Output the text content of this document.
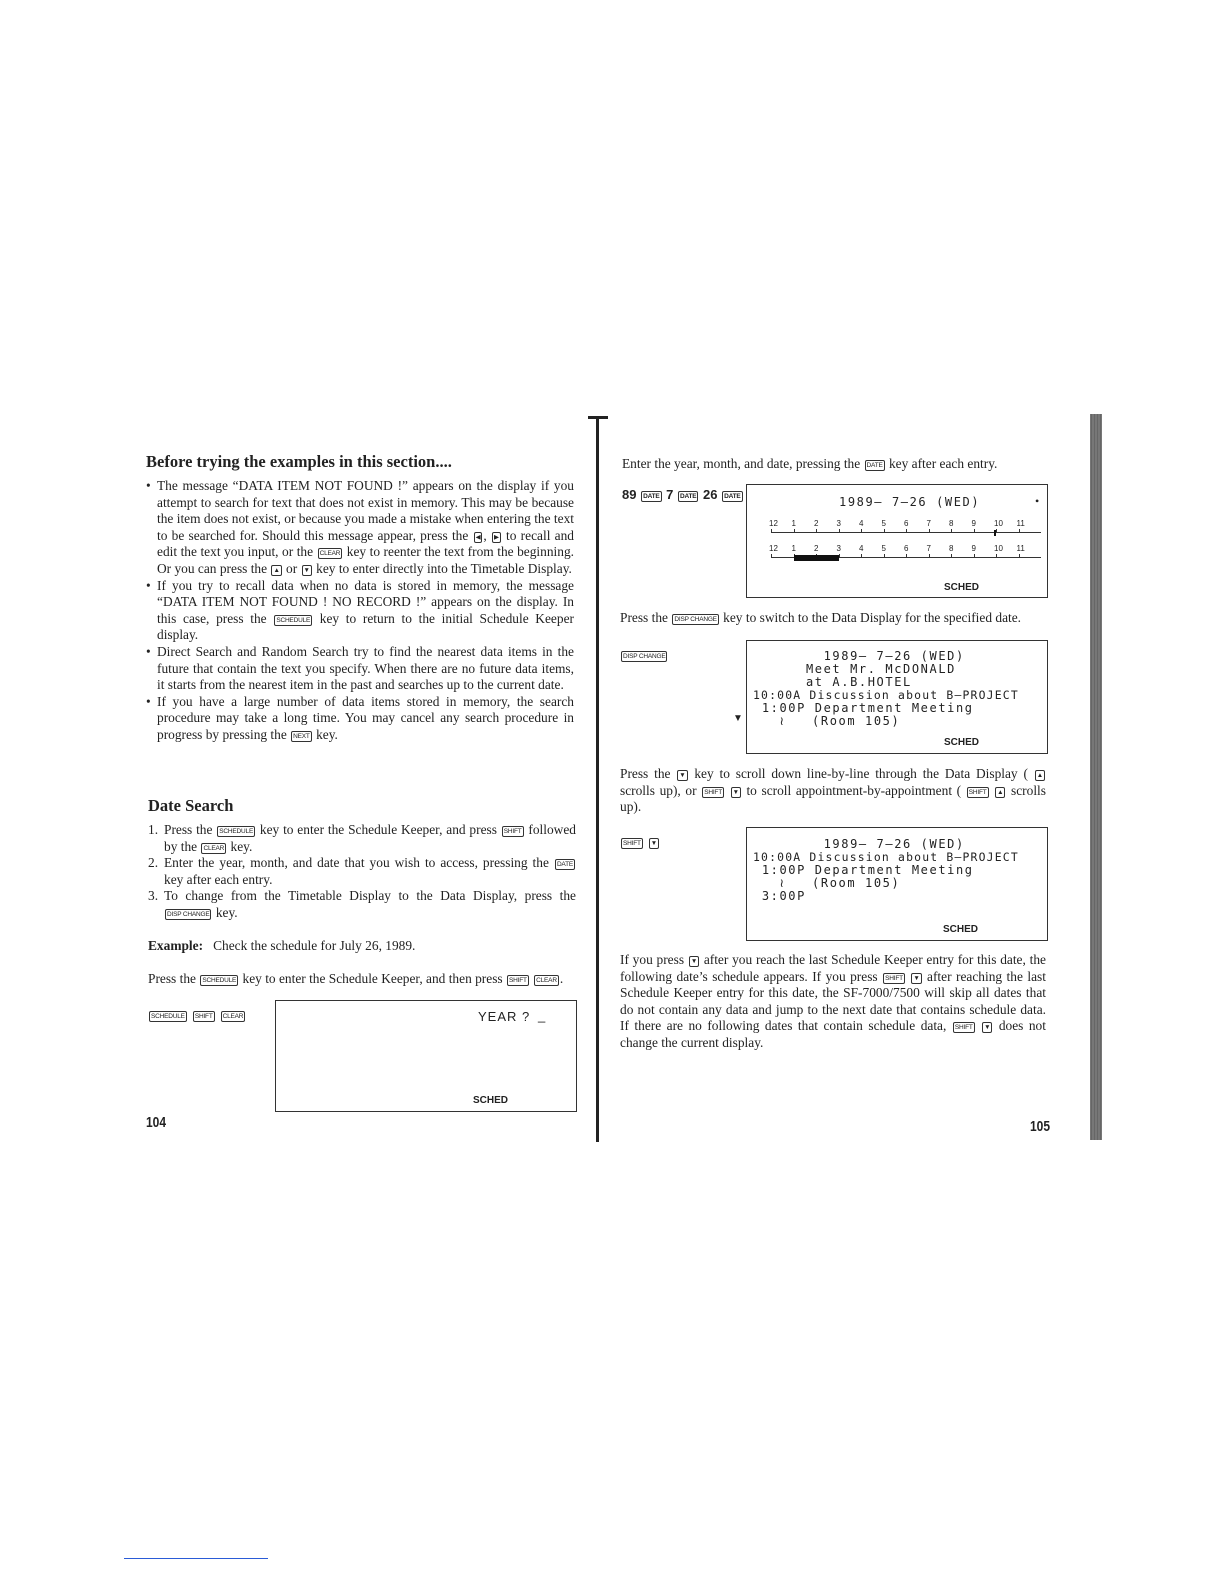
Before trying the examples in this section....
• The message “DATA ITEM NOT FOUND !” appears on the display if you attempt to search for text that does not exist in memory. This may be because the item does not exist, or because you made a mistake when entering the text to be searched for. Should this message appear, press the ◀ , ▶ to recall and edit the text you input, or the CLEAR key to reenter the text from the beginning. Or you can press the ▲ or ▼ key to enter directly into the Timetable Display.
• If you try to recall data when no data is stored in memory, the message “DATA ITEM NOT FOUND ! NO RECORD !” appears on the display. In this case, press the SCHEDULE key to return to the initial Schedule Keeper display.
• Direct Search and Random Search try to find the nearest data items in the future that contain the text you specify. When there are no future data items, it starts from the nearest item in the past and searches up to the current date.
• If you have a large number of data items stored in memory, the search procedure may take a long time. You may cancel any search procedure in progress by pressing the NEXT key.
Date Search
1. Press the SCHEDULE key to enter the Schedule Keeper, and press SHIFT followed by the CLEAR key.
2. Enter the year, month, and date that you wish to access, pressing the DATE key after each entry.
3. To change from the Timetable Display to the Data Display, press the DISP CHANGE key.
Example: Check the schedule for July 26, 1989.
Press the SCHEDULE key to enter the Schedule Keeper, and then press SHIFT CLEAR .
SCHEDULE SHIFT CLEAR	YEAR ? _
SCHED
104
Enter the year, month, and date, pressing the DATE key after each entry.
89 DATE 7 DATE 26 DATE	1989– 7–26 (WED)	•
12 1 2 3 4 5 6 7 8 9 10 11
12 1 2 3 4 5 6 7 8 9 10 11
SCHED
Press the DISP CHANGE key to switch to the Data Display for the specified date.
DISP CHANGE	1989– 7–26 (WED)
Meet Mr. McDONALD
at A.B.HOTEL
10:00A Discussion about B–PROJECT
1:00P Department Meeting
≀   (Room 105)
▼
SCHED
Press the ▼ key to scroll down line-by-line through the Data Display ( ▲ scrolls up), or SHIFT ▼ to scroll appointment-by-appointment ( SHIFT ▲ scrolls up).
SHIFT ▼	1989– 7–26 (WED)
10:00A Discussion about B–PROJECT
1:00P Department Meeting
≀   (Room 105)
3:00P
SCHED
If you press ▼ after you reach the last Schedule Keeper entry for this date, the following date’s schedule appears. If you press SHIFT ▼ after reaching the last Schedule Keeper entry for this date, the SF-7000/7500 will skip all dates that do not contain any data and jump to the next date that contains schedule data. If there are no following dates that contain schedule data, SHIFT ▼ does not change the current display.
105
